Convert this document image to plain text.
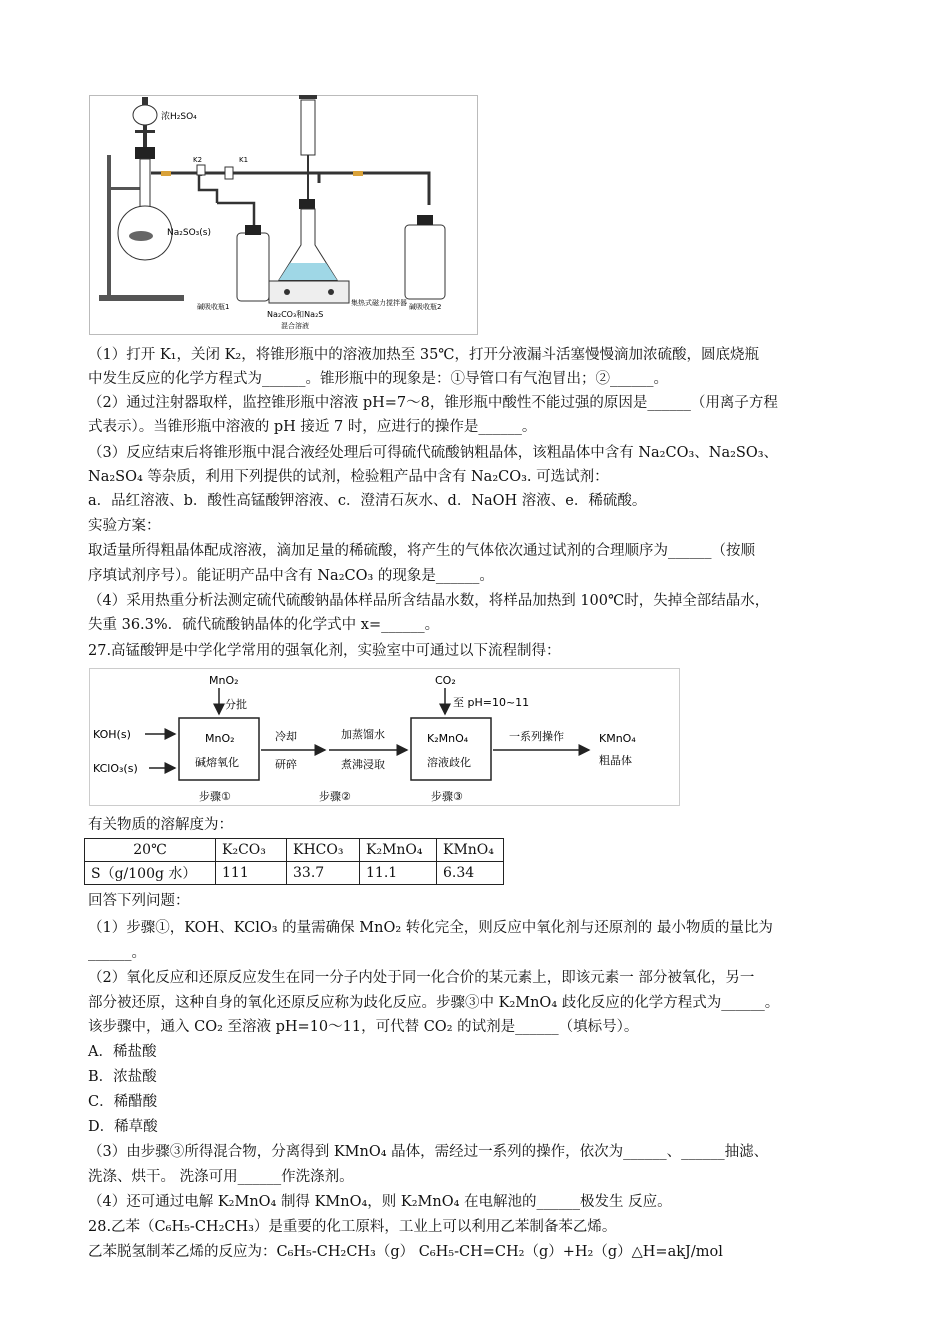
浓H₂SO₄
K2	K1
Na₂SO₃(s)
集热式磁力搅拌器
Na₂CO₃和Na₂S
混合溶液
碱吸收瓶1	碱吸收瓶2
（1）打开 K₁，关闭 K₂，将锥形瓶中的溶液加热至 35℃，打开分液漏斗活塞慢慢滴加浓硫酸，圆底烧瓶
中发生反应的化学方程式为______。锥形瓶中的现象是：①导管口有气泡冒出；②______。
（2）通过注射器取样，监控锥形瓶中溶液 pH=7～8，锥形瓶中酸性不能过强的原因是______（用离子方程
式表示）。当锥形瓶中溶液的 pH 接近 7 时，应进行的操作是______。
（3）反应结束后将锥形瓶中混合液经处理后可得硫代硫酸钠粗晶体，该粗晶体中含有 Na₂CO₃、Na₂SO₃、
Na₂SO₄ 等杂质，利用下列提供的试剂，检验粗产品中含有 Na₂CO₃. 可选试剂：
a．品红溶液、b．酸性高锰酸钾溶液、c．澄清石灰水、d．NaOH 溶液、e．稀硫酸。
实验方案：
取适量所得粗晶体配成溶液，滴加足量的稀硫酸，将产生的气体依次通过试剂的合理顺序为______（按顺
序填试剂序号）。能证明产品中含有 Na₂CO₃ 的现象是______。
（4）采用热重分析法测定硫代硫酸钠晶体样品所含结晶水数，将样品加热到 100℃时，失掉全部结晶水，
失重 36.3%．硫代硫酸钠晶体的化学式中 x=______。
27.高锰酸钾是中学化学常用的强氧化剂，实验室中可通过以下流程制得：
MnO₂
分批
KOH(s)
KClO₃(s)
MnO₂
碱熔氧化
冷却
研碎
加蒸馏水
煮沸浸取
CO₂
至 pH=10~11
K₂MnO₄
溶液歧化
一系列操作	KMnO₄
粗晶体
步骤①	步骤②	步骤③
有关物质的溶解度为：
20℃	K₂CO₃	KHCO₃	K₂MnO₄	KMnO₄
S（g/100g 水）	111	33.7	11.1	6.34
回答下列问题：
（1）步骤①，KOH、KClO₃ 的量需确保 MnO₂ 转化完全，则反应中氧化剂与还原剂的 最小物质的量比为
______。
（2）氧化反应和还原反应发生在同一分子内处于同一化合价的某元素上，即该元素一 部分被氧化，另一
部分被还原，这种自身的氧化还原反应称为歧化反应。步骤③中 K₂MnO₄ 歧化反应的化学方程式为______。
该步骤中，通入 CO₂ 至溶液 pH=10～11，可代替 CO₂ 的试剂是______（填标号）。
A．稀盐酸
B．浓盐酸
C．稀醋酸
D．稀草酸
（3）由步骤③所得混合物，分离得到 KMnO₄ 晶体，需经过一系列的操作，依次为______、______抽滤、
洗涤、烘干。 洗涤可用______作洗涤剂。
（4）还可通过电解 K₂MnO₄ 制得 KMnO₄，则 K₂MnO₄ 在电解池的______极发生 反应。
28.乙苯（C₆H₅-CH₂CH₃）是重要的化工原料，工业上可以利用乙苯制备苯乙烯。
乙苯脱氢制苯乙烯的反应为：C₆H₅-CH₂CH₃（g） C₆H₅-CH=CH₂（g）+H₂（g）△H=akJ/mol
